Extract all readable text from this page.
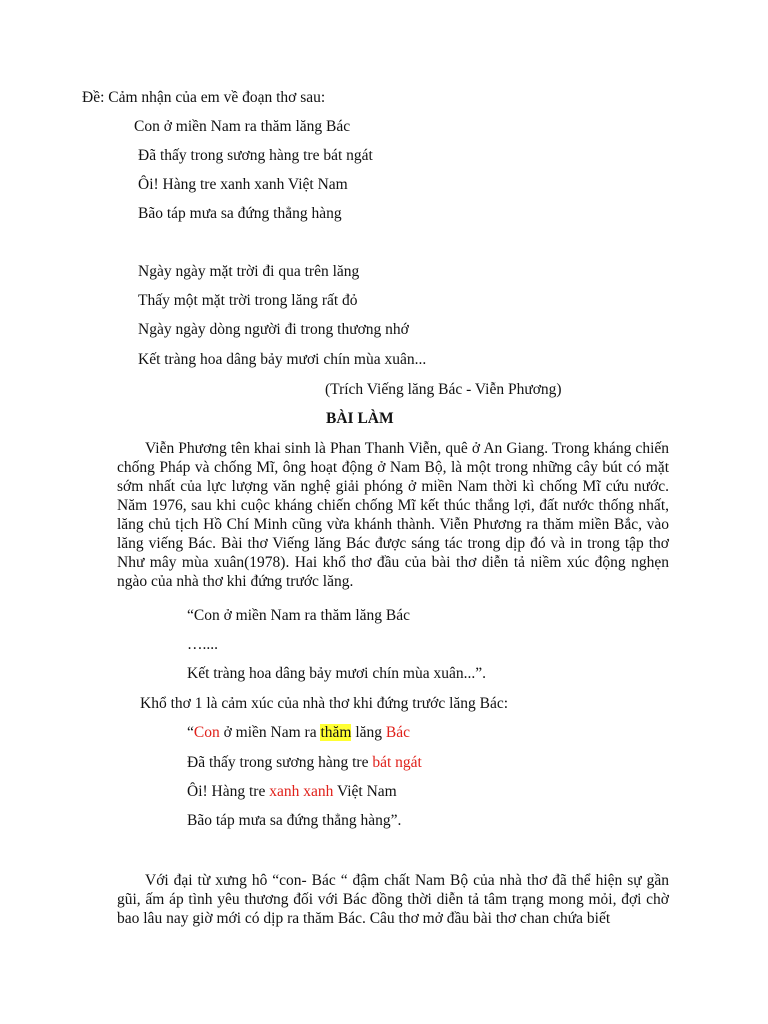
Đề: Cảm nhận của em về đoạn thơ sau:
Con ở miền Nam ra thăm lăng Bác
Đã thấy trong sương hàng tre bát ngát
Ôi! Hàng tre xanh xanh Việt Nam
Bão táp mưa sa đứng thẳng hàng
Ngày ngày mặt trời đi qua trên lăng
Thấy một mặt trời trong lăng rất đỏ
Ngày ngày dòng người đi trong thương nhớ
Kết tràng hoa dâng bảy mươi chín mùa xuân...
(Trích Viếng lăng Bác - Viễn Phương)
BÀI LÀM
Viễn Phương tên khai sinh là Phan Thanh Viễn, quê ở An Giang. Trong kháng chiến chống Pháp và chống Mĩ, ông hoạt động ở Nam Bộ, là một trong những cây bút có mặt sớm nhất của lực lượng văn nghệ giải phóng ở miền Nam thời kì chống Mĩ cứu nước. Năm 1976, sau khi cuộc kháng chiến chống Mĩ kết thúc thắng lợi, đất nước thống nhất, lăng chủ tịch Hồ Chí Minh cũng vừa khánh thành. Viễn Phương ra thăm miền Bắc, vào lăng viếng Bác. Bài thơ Viếng lăng Bác được sáng tác trong dịp đó và in trong tập thơ Như mây mùa xuân(1978). Hai khổ thơ đầu của bài thơ diễn tả niềm xúc động nghẹn ngào của nhà thơ khi đứng trước lăng.
“Con ở miền Nam ra thăm lăng Bác
…....
Kết tràng hoa dâng bảy mươi chín mùa xuân...”.
Khổ thơ 1 là cảm xúc của nhà thơ khi đứng trước lăng Bác:
“Con ở miền Nam ra thăm lăng Bác
Đã thấy trong sương hàng tre bát ngát
Ôi! Hàng tre xanh xanh Việt Nam
Bão táp mưa sa đứng thẳng hàng”.
Với đại từ xưng hô “con- Bác “ đậm chất Nam Bộ của nhà thơ đã thể hiện sự gần gũi, ấm áp tình yêu thương đối với Bác đồng thời diễn tả tâm trạng mong mỏi, đợi chờ bao lâu nay giờ mới có dịp ra thăm Bác. Câu thơ mở đầu bài thơ chan chứa biết
